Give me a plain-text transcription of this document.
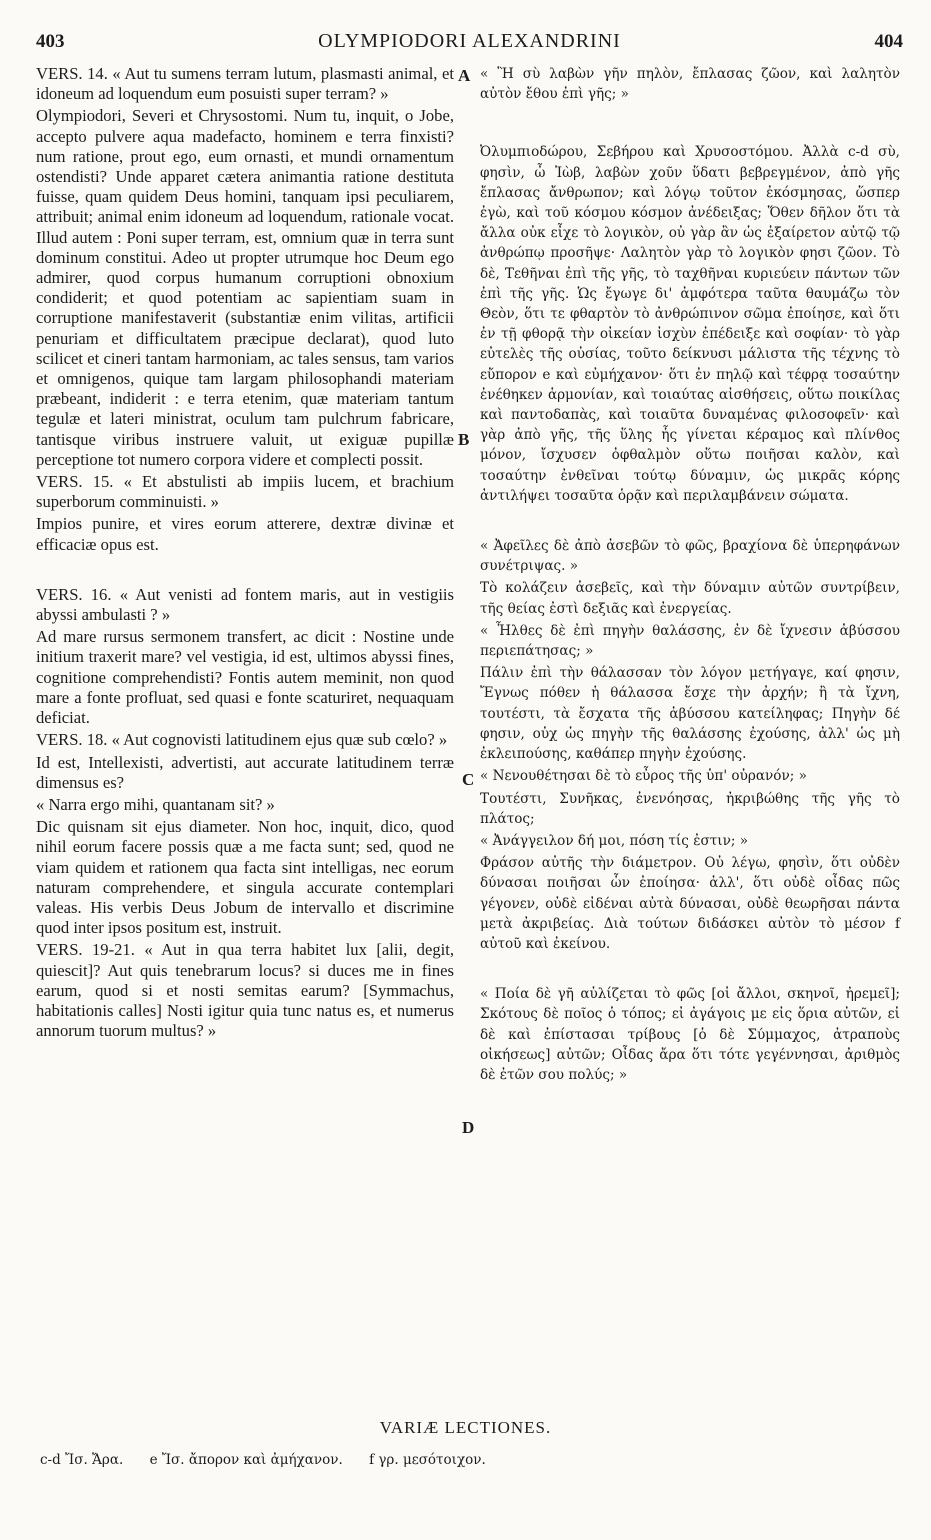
403	OLYMPIODORI ALEXANDRINI	404
A
B
C
D

VERS. 14. « Aut tu sumens terram lutum, plasmasti animal, et idoneum ad loquendum eum posuisti super terram? »

Olympiodori, Severi et Chrysostomi. Num tu, inquit, o Jobe, accepto pulvere aqua madefacto, hominem e terra finxisti? num ratione, prout ego, eum ornasti, et mundi ornamentum ostendisti? Unde apparet cætera animantia ratione destituta fuisse, quam quidem Deus homini, tanquam ipsi peculiarem, attribuit; animal enim idoneum ad loquendum, rationale vocat. Illud autem : Poni super terram, est, omnium quæ in terra sunt dominum constitui. Adeo ut propter utrumque hoc Deum ego admirer, quod corpus humanum corruptioni obnoxium condiderit; et quod potentiam ac sapientiam suam in corruptione manifestaverit (substantiæ enim vilitas, artificii penuriam et difficultatem præcipue declarat), quod luto scilicet et cineri tantam harmoniam, ac tales sensus, tam varios et omnigenos, quique tam largam philosophandi materiam præbeant, indiderit : e terra etenim, quæ materiam tantum tegulæ et lateri ministrat, oculum tam pulchrum fabricare, tantisque viribus instruere valuit, ut exiguæ pupillæ perceptione tot numero corpora videre et complecti possit.

VERS. 15. « Et abstulisti ab impiis lucem, et brachium superborum comminuisti. »

Impios punire, et vires eorum atterere, dextræ divinæ et efficaciæ opus est.

VERS. 16. « Aut venisti ad fontem maris, aut in vestigiis abyssi ambulasti ? »

Ad mare rursus sermonem transfert, ac dicit : Nostine unde initium traxerit mare? vel vestigia, id est, ultimos abyssi fines, cognitione comprehendisti? Fontis autem meminit, non quod mare a fonte profluat, sed quasi e fonte scaturiret, nequaquam deficiat.

VERS. 18. « Aut cognovisti latitudinem ejus quæ sub cœlo? »

Id est, Intellexisti, advertisti, aut accurate latitudinem terræ dimensus es?

« Narra ergo mihi, quantanam sit? »

Dic quisnam sit ejus diameter. Non hoc, inquit, dico, quod nihil eorum facere possis quæ a me facta sunt; sed, quod ne viam quidem et rationem qua facta sint intelligas, nec eorum naturam comprehendere, et singula accurate contemplari valeas. His verbis Deus Jobum de intervallo et discrimine quod inter ipsos positum est, instruit.

VERS. 19-21. « Aut in qua terra habitet lux [alii, degit, quiescit]? Aut quis tenebrarum locus? si duces me in fines earum, quod si et nosti semitas earum? [Symmachus, habitationis calles] Nosti igitur quia tunc natus es, et numerus annorum tuorum multus? »

« Ἢ σὺ λαβὼν γῆν πηλὸν, ἔπλασας ζῶον, καὶ λαλητὸν αὐτὸν ἔθου ἐπὶ γῆς; »

Ὀλυμπιοδώρου, Σεβήρου καὶ Χρυσοστόμου. Ἀλλὰ c-d σὺ, φησὶν, ὦ Ἰὼβ, λαβὼν χοῦν ὕδατι βεβρεγμένον, ἀπὸ γῆς ἔπλασας ἄνθρωπον; καὶ λόγῳ τοῦτον ἐκόσμησας, ὥσπερ ἐγὼ, καὶ τοῦ κόσμου κόσμον ἀνέδειξας; Ὅθεν δῆλον ὅτι τὰ ἄλλα οὐκ εἶχε τὸ λογικὸν, οὐ γὰρ ἂν ὡς ἐξαίρετον αὐτῷ τῷ ἀνθρώπῳ προσῆψε· Λαλητὸν γὰρ τὸ λογικὸν φησι ζῶον. Τὸ δὲ, Τεθῆναι ἐπὶ τῆς γῆς, τὸ ταχθῆναι κυριεύειν πάντων τῶν ἐπὶ τῆς γῆς. Ὡς ἔγωγε δι' ἀμφότερα ταῦτα θαυμάζω τὸν Θεὸν, ὅτι τε φθαρτὸν τὸ ἀνθρώπινον σῶμα ἐποίησε, καὶ ὅτι ἐν τῇ φθορᾷ τὴν οἰκείαν ἰσχὺν ἐπέδειξε καὶ σοφίαν· τὸ γὰρ εὐτελὲς τῆς οὐσίας, τοῦτο δείκνυσι μάλιστα τῆς τέχνης τὸ εὔπορον e καὶ εὐμήχανον· ὅτι ἐν πηλῷ καὶ τέφρᾳ τοσαύτην ἐνέθηκεν ἁρμονίαν, καὶ τοιαύτας αἰσθήσεις, οὕτω ποικίλας καὶ παντοδαπὰς, καὶ τοιαῦτα δυναμένας φιλοσοφεῖν· καὶ γὰρ ἀπὸ γῆς, τῆς ὕλης ἧς γίνεται κέραμος καὶ πλίνθος μόνον, ἴσχυσεν ὀφθαλμὸν οὕτω ποιῆσαι καλὸν, καὶ τοσαύτην ἐνθεῖναι τούτῳ δύναμιν, ὡς μικρᾶς κόρης ἀντιλήψει τοσαῦτα ὁρᾷν καὶ περιλαμβάνειν σώματα.

« Ἀφεῖλες δὲ ἀπὸ ἀσεβῶν τὸ φῶς, βραχίονα δὲ ὑπερηφάνων συνέτριψας. »

Τὸ κολάζειν ἀσεβεῖς, καὶ τὴν δύναμιν αὐτῶν συντρίβειν, τῆς θείας ἐστὶ δεξιᾶς καὶ ἐνεργείας.

« Ἦλθες δὲ ἐπὶ πηγὴν θαλάσσης, ἐν δὲ ἴχνεσιν ἀβύσσου περιεπάτησας; »

Πάλιν ἐπὶ τὴν θάλασσαν τὸν λόγον μετήγαγε, καί φησιν, Ἔγνως πόθεν ἡ θάλασσα ἔσχε τὴν ἀρχήν; ἢ τὰ ἴχνη, τουτέστι, τὰ ἔσχατα τῆς ἀβύσσου κατείληφας; Πηγὴν δέ φησιν, οὐχ ὡς πηγὴν τῆς θαλάσσης ἐχούσης, ἀλλ' ὡς μὴ ἐκλειπούσης, καθάπερ πηγὴν ἐχούσης.

« Νενουθέτησαι δὲ τὸ εὖρος τῆς ὑπ' οὐρανόν; »

Τουτέστι, Συνῆκας, ἐνενόησας, ἠκριβώθης τῆς γῆς τὸ πλάτος;

« Ἀνάγγειλον δή μοι, πόση τίς ἐστιν; »

Φράσον αὐτῆς τὴν διάμετρον. Οὐ λέγω, φησὶν, ὅτι οὐδὲν δύνασαι ποιῆσαι ὧν ἐποίησα· ἀλλ', ὅτι οὐδὲ οἶδας πῶς γέγονεν, οὐδὲ εἰδέναι αὐτὰ δύνασαι, οὐδὲ θεωρῆσαι πάντα μετὰ ἀκριβείας. Διὰ τούτων διδάσκει αὐτὸν τὸ μέσον f αὐτοῦ καὶ ἐκείνου.

« Ποία δὲ γῆ αὐλίζεται τὸ φῶς [οἱ ἄλλοι, σκηνοῖ, ἠρεμεῖ]; Σκότους δὲ ποῖος ὁ τόπος; εἰ ἀγάγοις με εἰς ὅρια αὐτῶν, εἰ δὲ καὶ ἐπίστασαι τρίβους [ὁ δὲ Σύμμαχος, ἀτραποὺς οἰκήσεως] αὐτῶν; Οἶδας ἄρα ὅτι τότε γεγέννησαι, ἀριθμὸς δὲ ἐτῶν σου πολύς; »

VARIÆ LECTIONES.
c-d Ἴσ. Ἄρα. e Ἴσ. ἄπορον καὶ ἀμήχανον. f γρ. μεσότοιχον.
